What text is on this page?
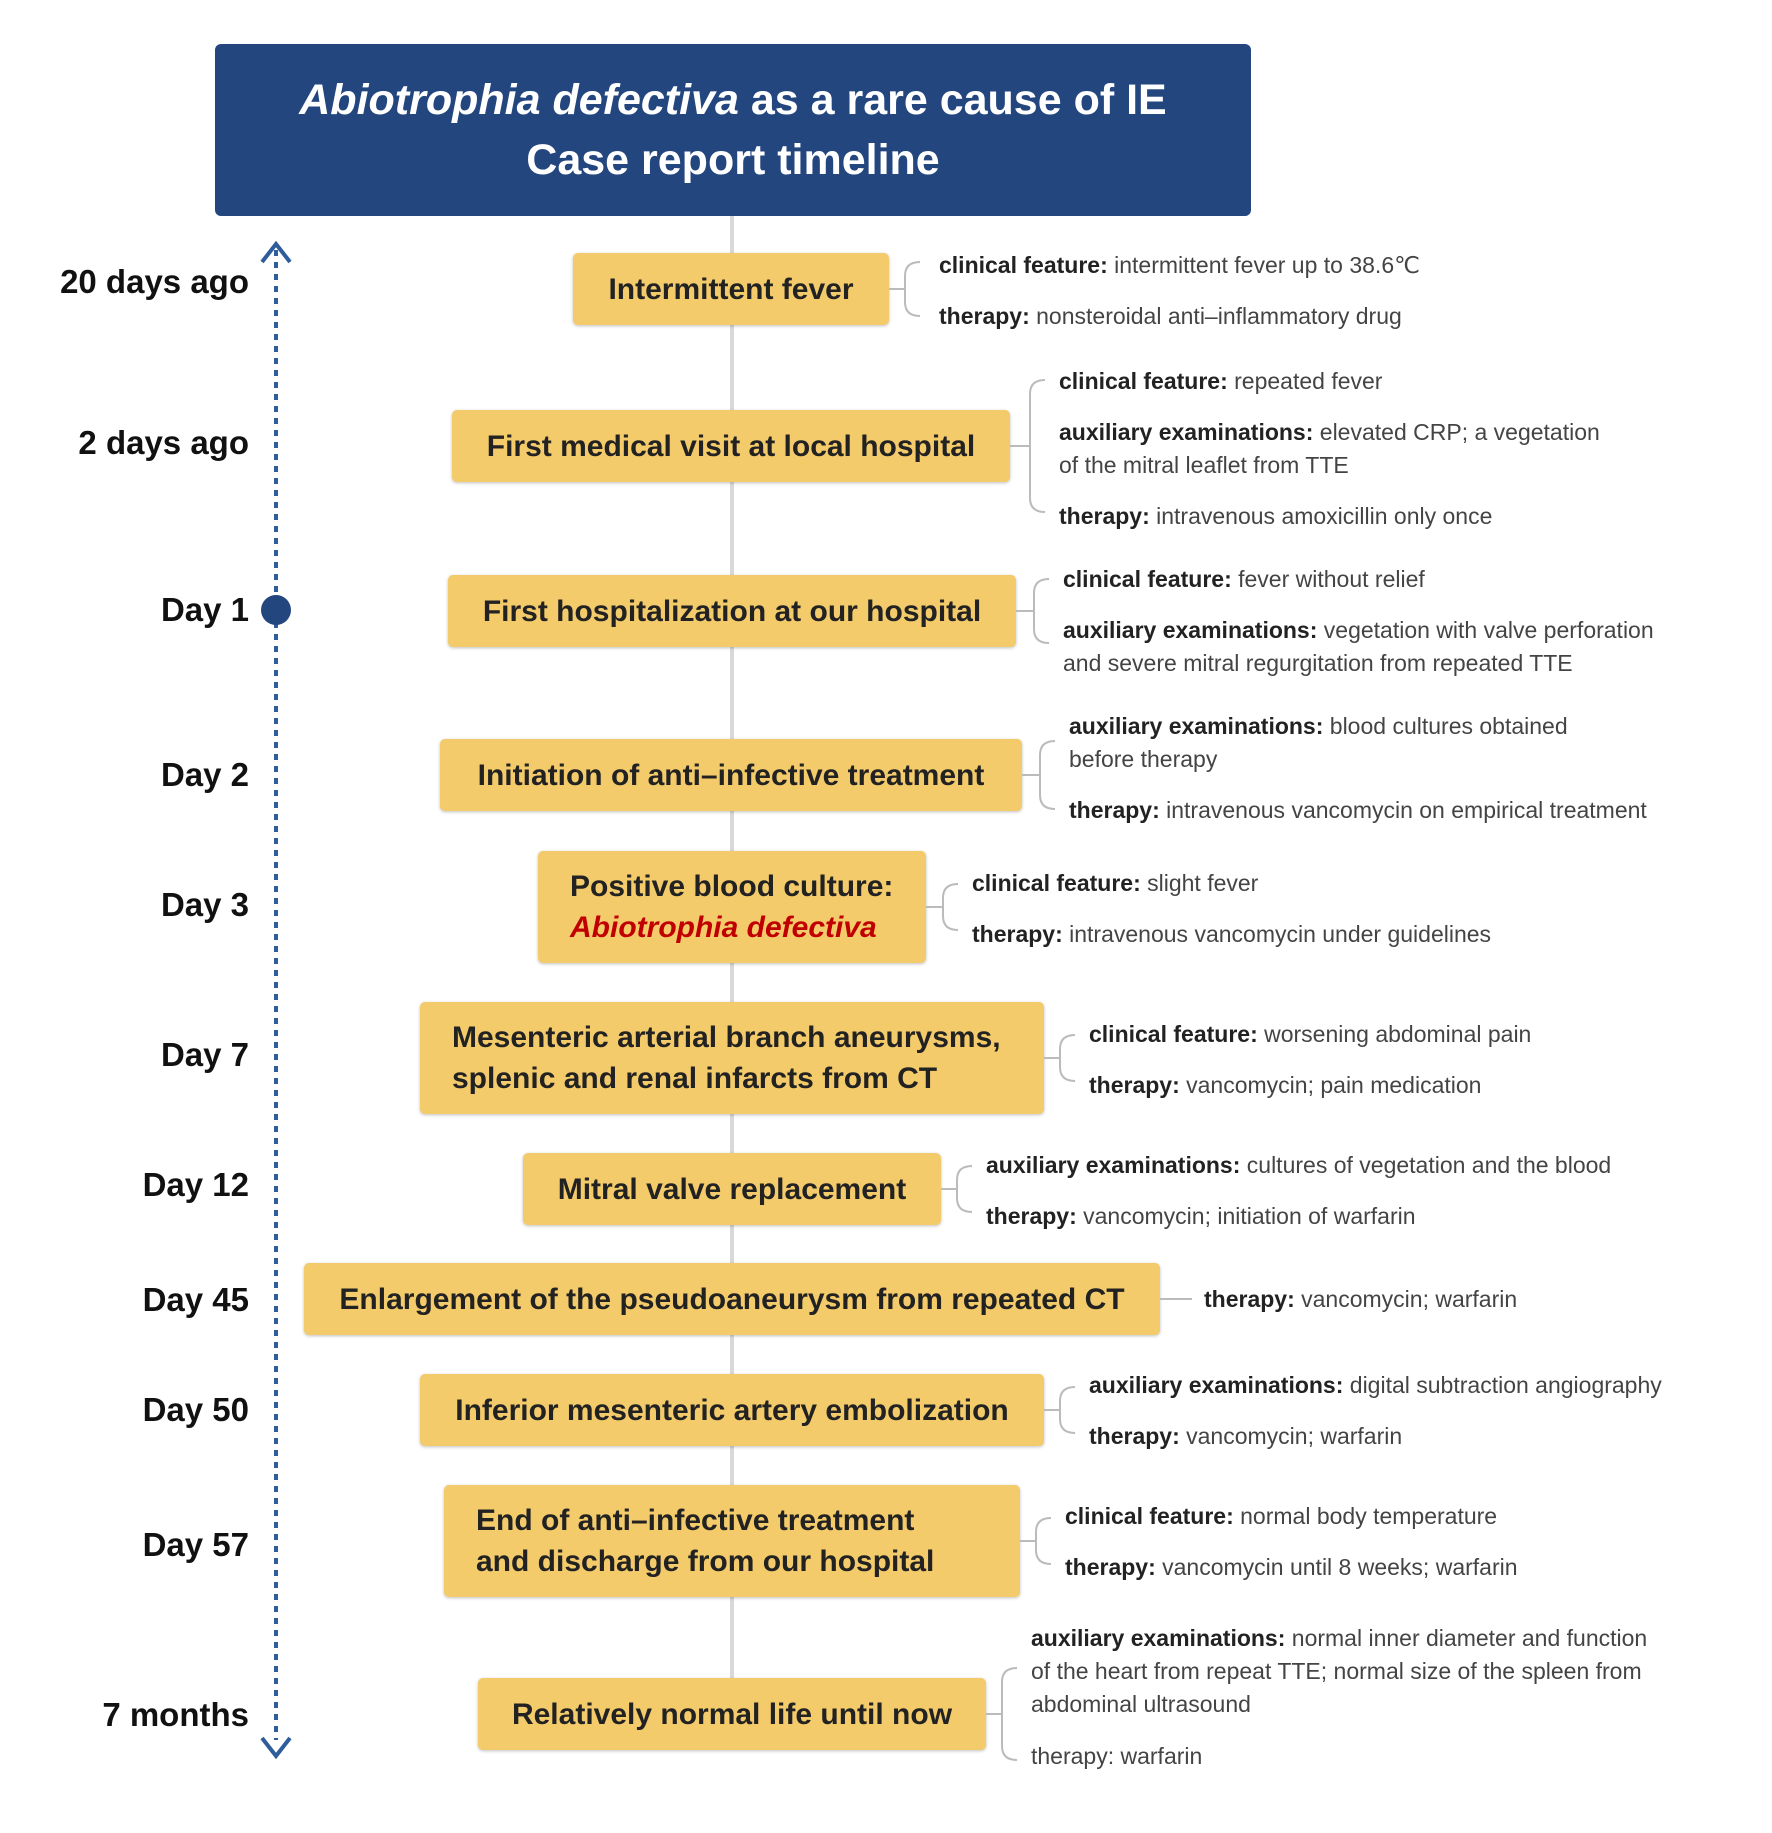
Abiotrophia defectiva as a rare cause of IE
Case report timeline
20 days ago
2 days ago
Day 1
Day 2
Day 3
Day 7
Day 12
Day 45
Day 50
Day 57
7 months
Intermittent fever
First medical visit at local hospital
First hospitalization at our hospital
Initiation of anti–infective treatment
Positive blood culture:
Abiotrophia defectiva
Mesenteric arterial branch aneurysms,
splenic and renal infarcts from CT
Mitral valve replacement
Enlargement of the pseudoaneurysm from repeated CT
Inferior mesenteric artery embolization
End of anti–infective treatment
and discharge from our hospital
Relatively normal life until now
clinical feature: intermittent fever up to 38.6℃
therapy: nonsteroidal anti–inflammatory drug
clinical feature: repeated fever
auxiliary examinations: elevated CRP; a vegetation
of the mitral leaflet from TTE
therapy: intravenous amoxicillin only once
clinical feature: fever without relief
auxiliary examinations: vegetation with valve perforation
and severe mitral regurgitation from repeated TTE
auxiliary examinations: blood cultures obtained
before therapy
therapy: intravenous vancomycin on empirical treatment
clinical feature: slight fever
therapy: intravenous vancomycin under guidelines
clinical feature: worsening abdominal pain
therapy: vancomycin; pain medication
auxiliary examinations: cultures of vegetation and the blood
therapy: vancomycin; initiation of warfarin
therapy: vancomycin; warfarin
auxiliary examinations: digital subtraction angiography
therapy: vancomycin; warfarin
clinical feature: normal body temperature
therapy: vancomycin until 8 weeks; warfarin
auxiliary examinations: normal inner diameter and function
of the heart from repeat TTE; normal size of the spleen from
abdominal ultrasound
therapy: warfarin
